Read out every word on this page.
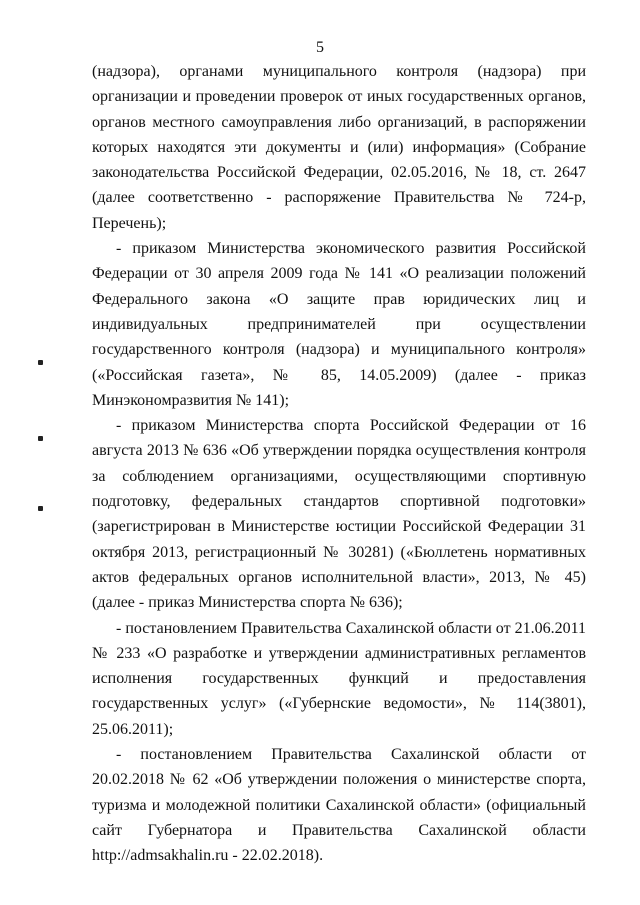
5

(надзора), органами муниципального контроля (надзора) при организации и проведении проверок от иных государственных органов, органов местного самоуправления либо организаций, в распоряжении которых находятся эти документы и (или) информация» (Собрание законодательства Российской Федерации, 02.05.2016, № 18, ст. 2647 (далее соответственно - распоряжение Правительства № 724-р, Перечень);

- приказом Министерства экономического развития Российской Федерации от 30 апреля 2009 года № 141 «О реализации положений Федерального закона «О защите прав юридических лиц и индивидуальных предпринимателей при осуществлении государственного контроля (надзора) и муниципального контроля» («Российская газета», № 85, 14.05.2009) (далее - приказ Минэкономразвития № 141);

- приказом Министерства спорта Российской Федерации от 16 августа 2013 № 636 «Об утверждении порядка осуществления контроля за соблюдением организациями, осуществляющими спортивную подготовку, федеральных стандартов спортивной подготовки» (зарегистрирован в Министерстве юстиции Российской Федерации 31 октября 2013, регистрационный № 30281) («Бюллетень нормативных актов федеральных органов исполнительной власти», 2013, № 45) (далее - приказ Министерства спорта № 636);

- постановлением Правительства Сахалинской области от 21.06.2011 № 233 «О разработке и утверждении административных регламентов исполнения государственных функций и предоставления государственных услуг» («Губернские ведомости», № 114(3801), 25.06.2011);

- постановлением Правительства Сахалинской области от 20.02.2018 № 62 «Об утверждении положения о министерстве спорта, туризма и молодежной политики Сахалинской области» (официальный сайт Губернатора и Правительства Сахалинской области http://admsakhalin.ru - 22.02.2018).
